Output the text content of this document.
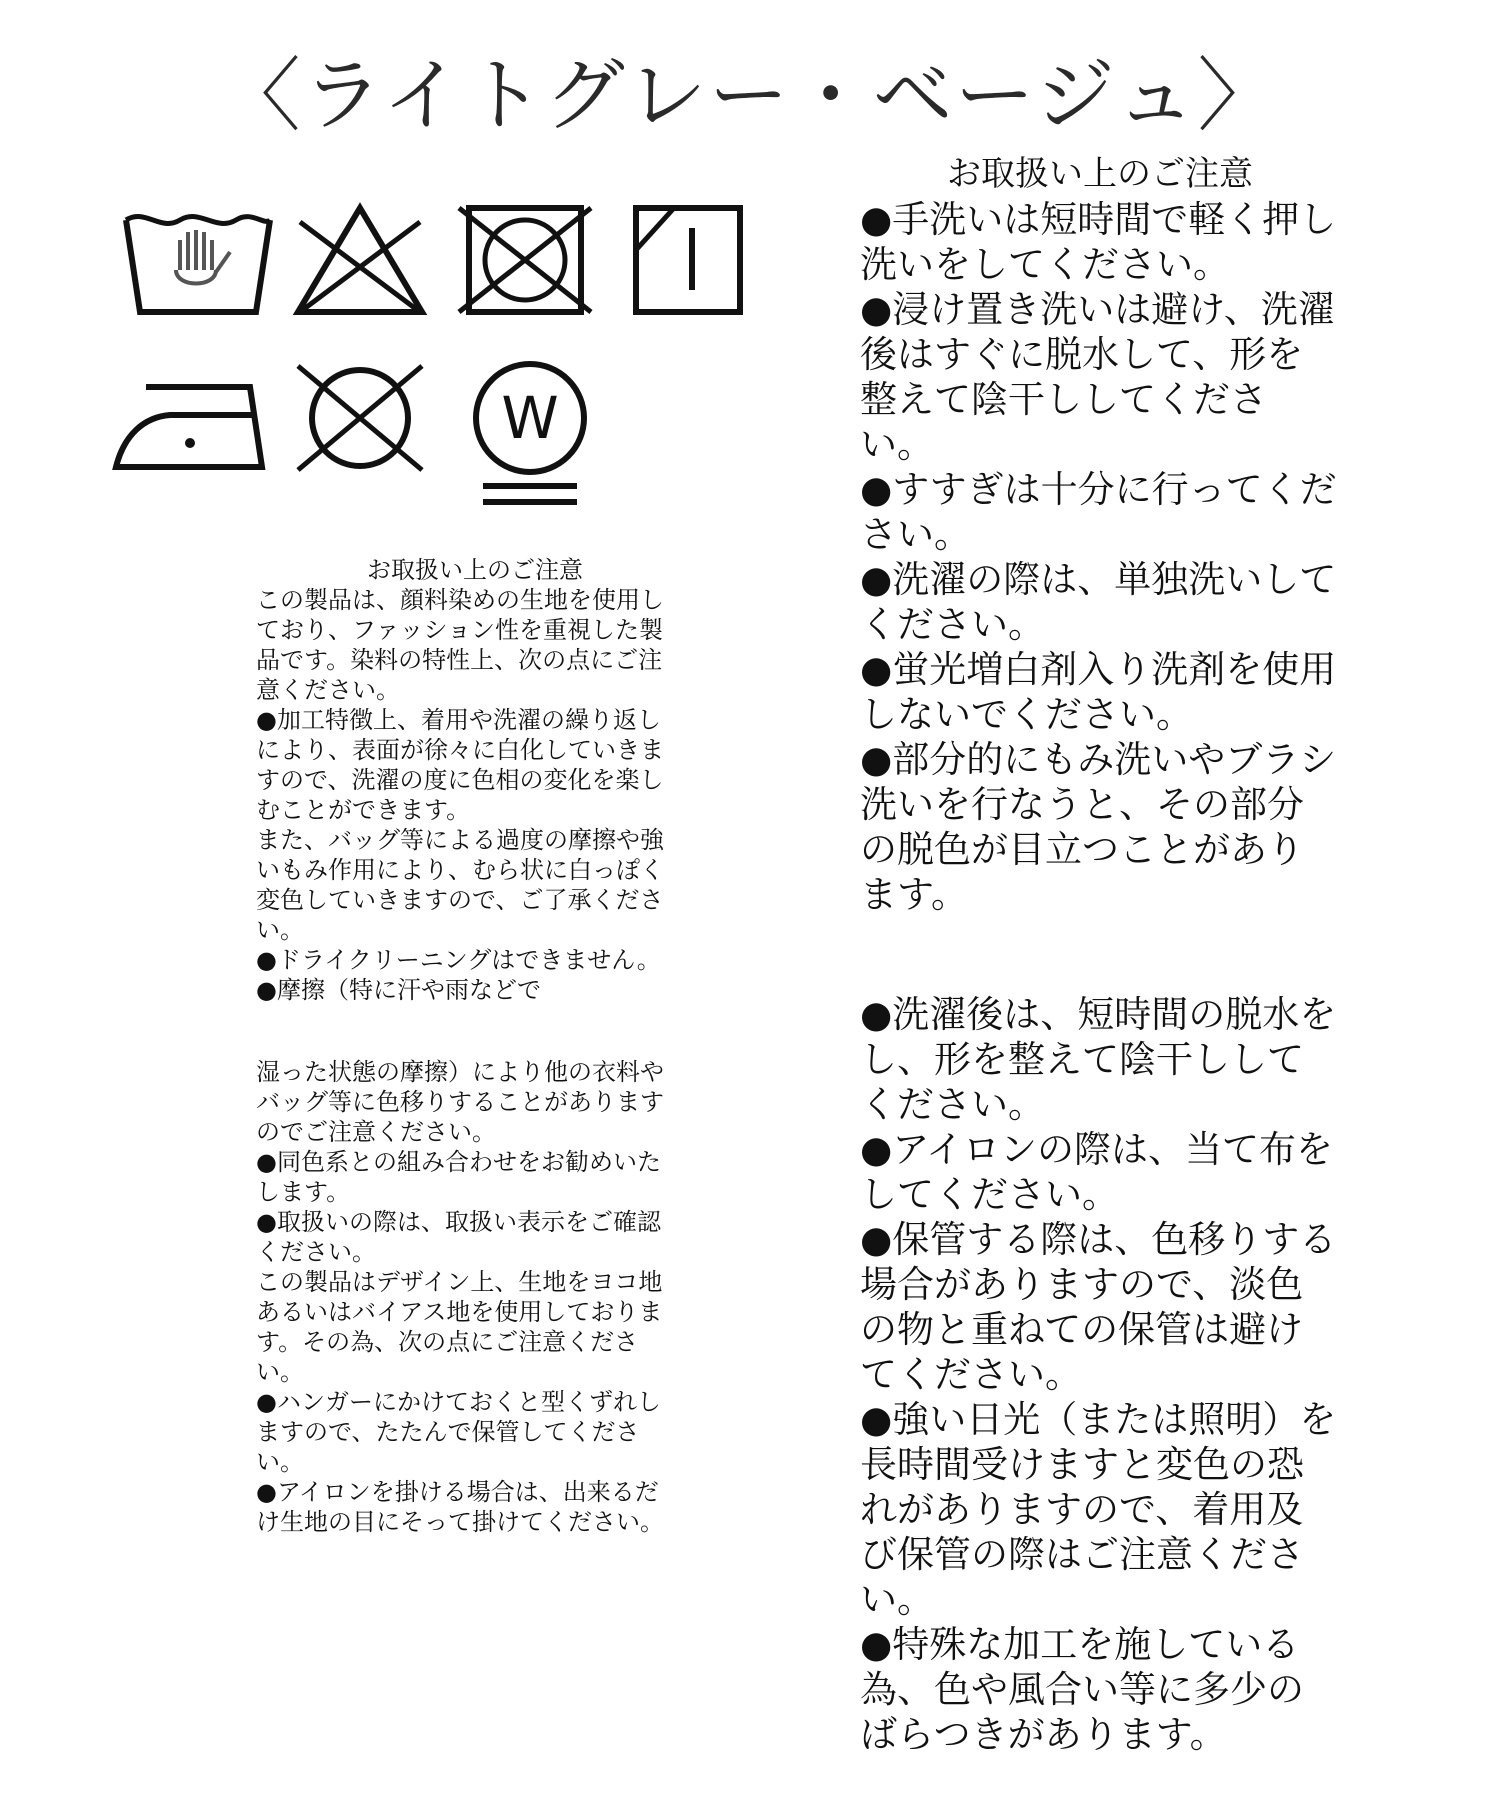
〈ライトグレー・ベージュ〉
W

お取扱い上のご注意

この製品は、顔料染めの生地を使用しており、ファッション性を重視した製品です。染料の特性上、次の点にご注意ください。

●加工特徴上、着用や洗濯の繰り返しにより、表面が徐々に白化していきますので、洗濯の度に色相の変化を楽しむことができます。

また、バッグ等による過度の摩擦や強いもみ作用により、むら状に白っぽく変色していきますので、ご了承ください。

●ドライクリーニングはできません。

●摩擦（特に汗や雨などで

湿った状態の摩擦）により他の衣料やバッグ等に色移りすることがありますのでご注意ください。

●同色系との組み合わせをお勧めいたします。

●取扱いの際は、取扱い表示をご確認ください。

この製品はデザイン上、生地をヨコ地あるいはバイアス地を使用しております。その為、次の点にご注意ください。

●ハンガーにかけておくと型くずれしますので、たたんで保管してください。

●アイロンを掛ける場合は、出来るだけ生地の目にそって掛けてください。

お取扱い上のご注意

●手洗いは短時間で軽く押し洗いをしてください。

●浸け置き洗いは避け、洗濯後はすぐに脱水して、形を整えて陰干ししてください。

●すすぎは十分に行ってください。

●洗濯の際は、単独洗いしてください。

●蛍光増白剤入り洗剤を使用しないでください。

●部分的にもみ洗いやブラシ洗いを行なうと、その部分の脱色が目立つことがあります。

●洗濯後は、短時間の脱水をし、形を整えて陰干ししてください。

●アイロンの際は、当て布をしてください。

●保管する際は、色移りする場合がありますので、淡色の物と重ねての保管は避けてください。

●強い日光（または照明）を長時間受けますと変色の恐れがありますので、着用及び保管の際はご注意ください。

●特殊な加工を施している為、色や風合い等に多少のばらつきがあります。
